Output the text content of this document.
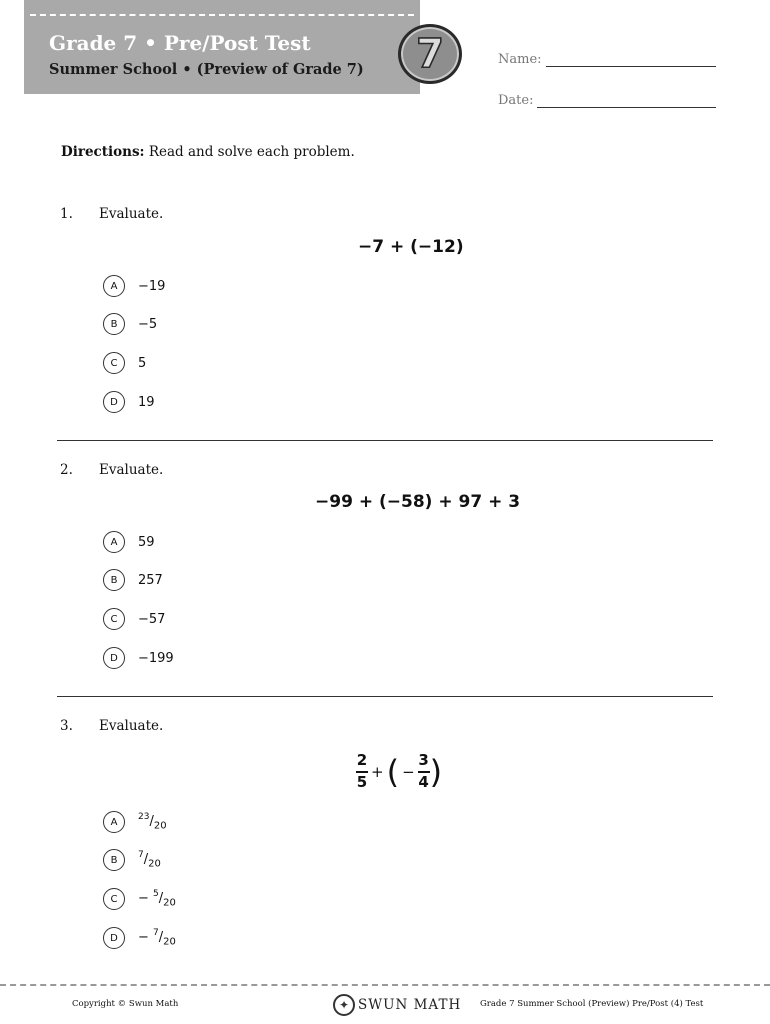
Grade 7 • Pre/Post Test
Summer School • (Preview of Grade 7) 7	Name:
Date:
Directions: Read and solve each problem.
1. Evaluate.
−7 + (−12)
A	−19
B	−5
C	5
D	19
2. Evaluate.
−99 + (−58) + 97 + 3
A	59
B	257
C	−57
D	−199
3. Evaluate.
$\frac{2}{5}$ + ( − $\frac{3}{4}$ )
A	$^{23}/_{20}$
B	$^7/_{20}$
C	− $^5/_{20}$
D	− $^7/_{20}$
Copyright © Swun Math	✦ SWUN MATH Grade 7 Summer School (Preview) Pre/Post (4) Test
